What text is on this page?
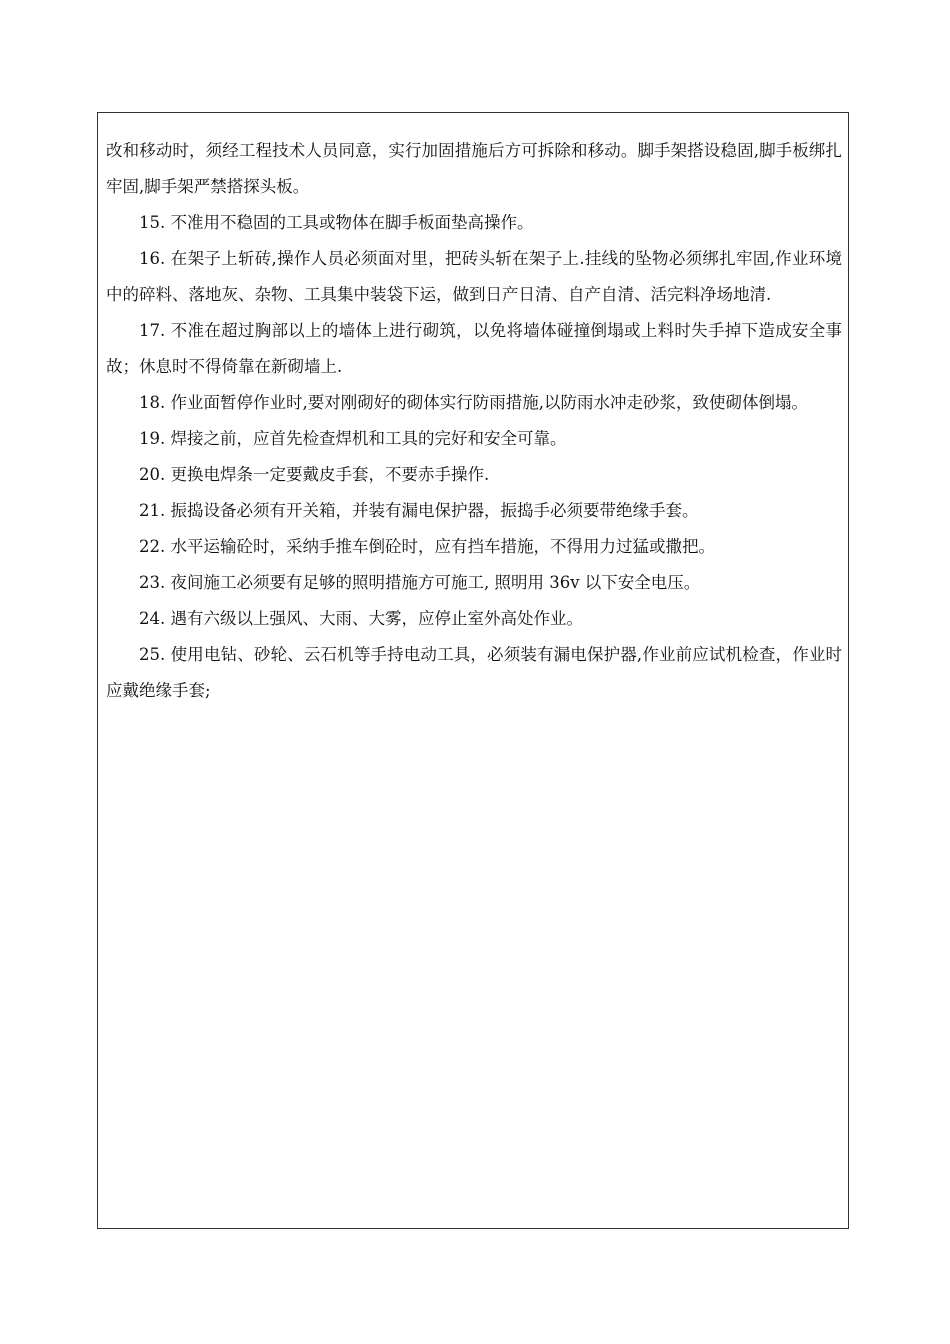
改和移动时，须经工程技术人员同意，实行加固措施后方可拆除和移动。脚手架搭设稳固,脚手板绑扎牢固,脚手架严禁搭探头板。

15. 不准用不稳固的工具或物体在脚手板面垫高操作。

16. 在架子上斩砖,操作人员必须面对里，把砖头斩在架子上.挂线的坠物必须绑扎牢固,作业环境中的碎料、落地灰、杂物、工具集中装袋下运，做到日产日清、自产自清、活完料净场地清.

17. 不准在超过胸部以上的墙体上进行砌筑，以免将墙体碰撞倒塌或上料时失手掉下造成安全事故；休息时不得倚靠在新砌墙上.

18. 作业面暂停作业时,要对刚砌好的砌体实行防雨措施,以防雨水冲走砂浆，致使砌体倒塌。

19. 焊接之前，应首先检查焊机和工具的完好和安全可靠。

20. 更换电焊条一定要戴皮手套，不要赤手操作.

21. 振捣设备必须有开关箱，并装有漏电保护器，振捣手必须要带绝缘手套。

22. 水平运输砼时，采纳手推车倒砼时，应有挡车措施，不得用力过猛或撒把。

23. 夜间施工必须要有足够的照明措施方可施工, 照明用 36v 以下安全电压。

24. 遇有六级以上强风、大雨、大雾，应停止室外高处作业。

25. 使用电钻、砂轮、云石机等手持电动工具，必须装有漏电保护器,作业前应试机检查，作业时应戴绝缘手套;
